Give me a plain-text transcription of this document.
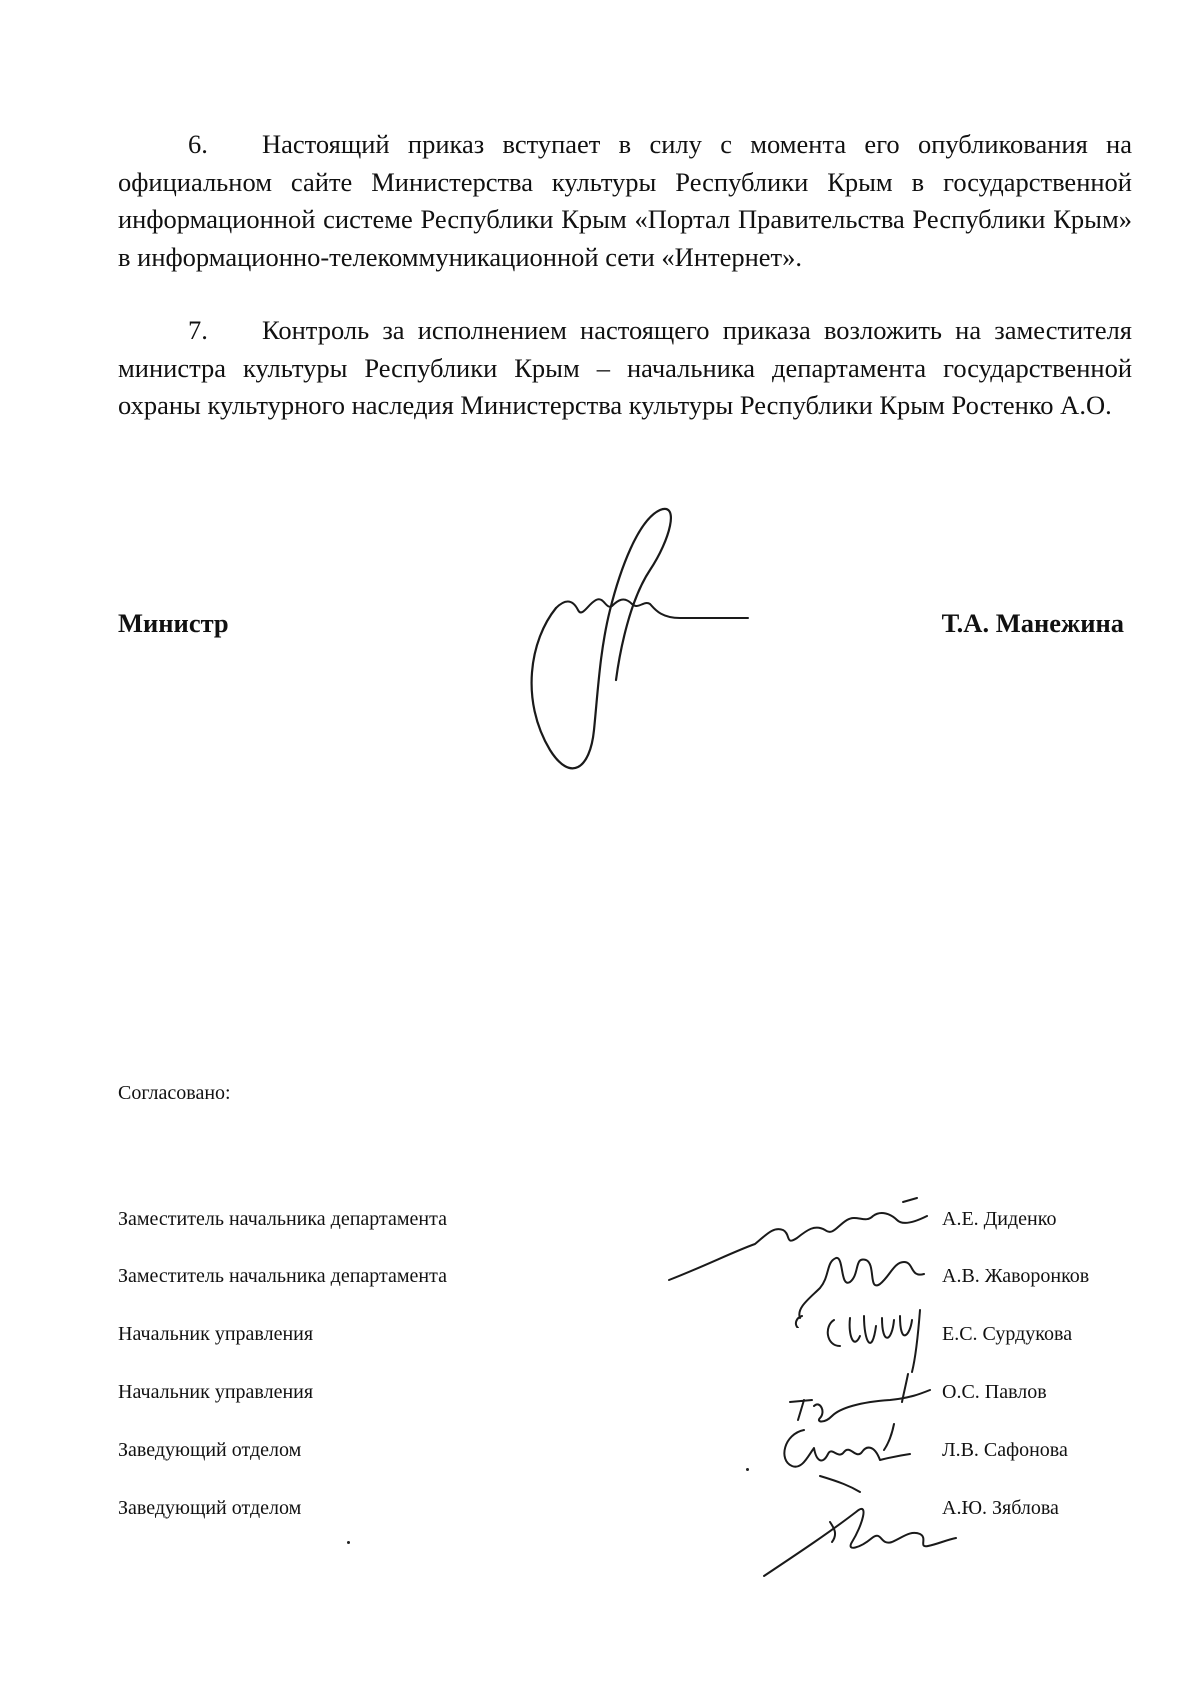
6. Настоящий приказ вступает в силу с момента его опубликования на официальном сайте Министерства культуры Республики Крым в государственной информационной системе Республики Крым «Портал Правительства Республики Крым» в информационно-телекоммуникационной сети «Интернет».

7. Контроль за исполнением настоящего приказа возложить на заместителя министра культуры Республики Крым – начальника департамента государственной охраны культурного наследия Министерства культуры Республики Крым Ростенко А.О.

Министр	Т.А. Манежина
Согласовано:
Заместитель начальника департамента	А.Е. Диденко
Заместитель начальника департамента	А.В. Жаворонков
Начальник управления	Е.С. Сурдукова
Начальник управления	О.С. Павлов
Заведующий отделом	Л.В. Сафонова
Заведующий отделом	А.Ю. Зяблова
